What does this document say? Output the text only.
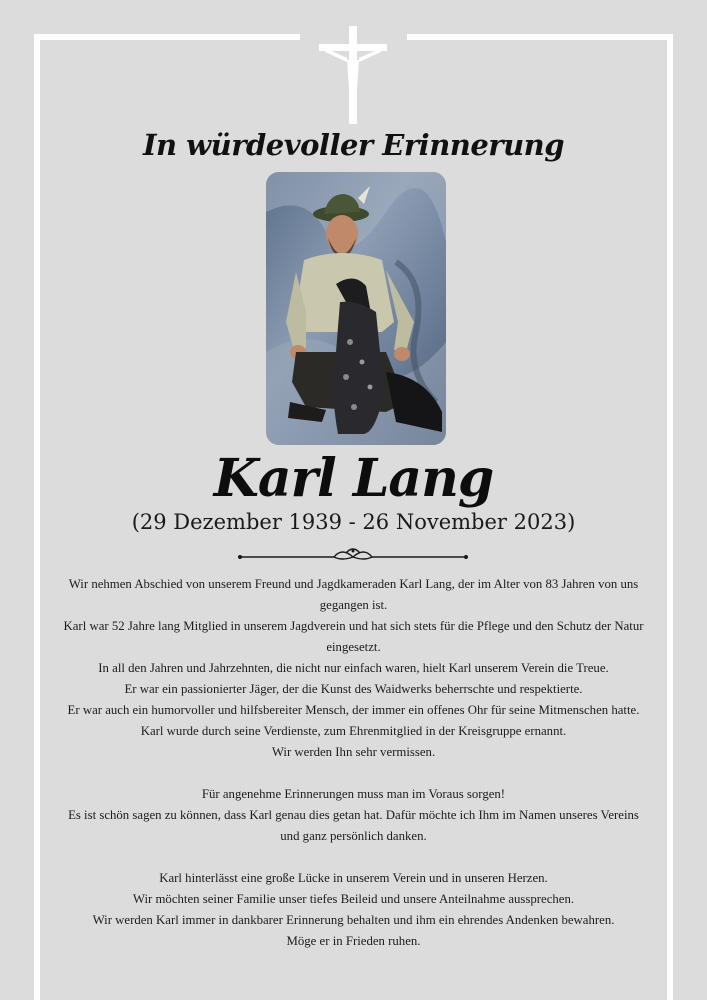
In würdevoller Erinnerung
Karl Lang
(29 Dezember 1939 - 26 November 2023)

Wir nehmen Abschied von unserem Freund und Jagdkameraden Karl Lang, der im Alter von 83 Jahren von uns gegangen ist.

Karl war 52 Jahre lang Mitglied in unserem Jagdverein und hat sich stets für die Pflege und den Schutz der Natur eingesetzt.

In all den Jahren und Jahrzehnten, die nicht nur einfach waren, hielt Karl unserem Verein die Treue.

Er war ein passionierter Jäger, der die Kunst des Waidwerks beherrschte und respektierte.

Er war auch ein humorvoller und hilfsbereiter Mensch, der immer ein offenes Ohr für seine Mitmenschen hatte.

Karl wurde durch seine Verdienste, zum Ehrenmitglied in der Kreisgruppe ernannt.

Wir werden Ihn sehr vermissen.

Für angenehme Erinnerungen muss man im Voraus sorgen!

Es ist schön sagen zu können, dass Karl genau dies getan hat. Dafür möchte ich Ihm im Namen unseres Vereins und ganz persönlich danken.

Karl hinterlässt eine große Lücke in unserem Verein und in unseren Herzen.

Wir möchten seiner Familie unser tiefes Beileid und unsere Anteilnahme aussprechen.

Wir werden Karl immer in dankbarer Erinnerung behalten und ihm ein ehrendes Andenken bewahren.

Möge er in Frieden ruhen.
